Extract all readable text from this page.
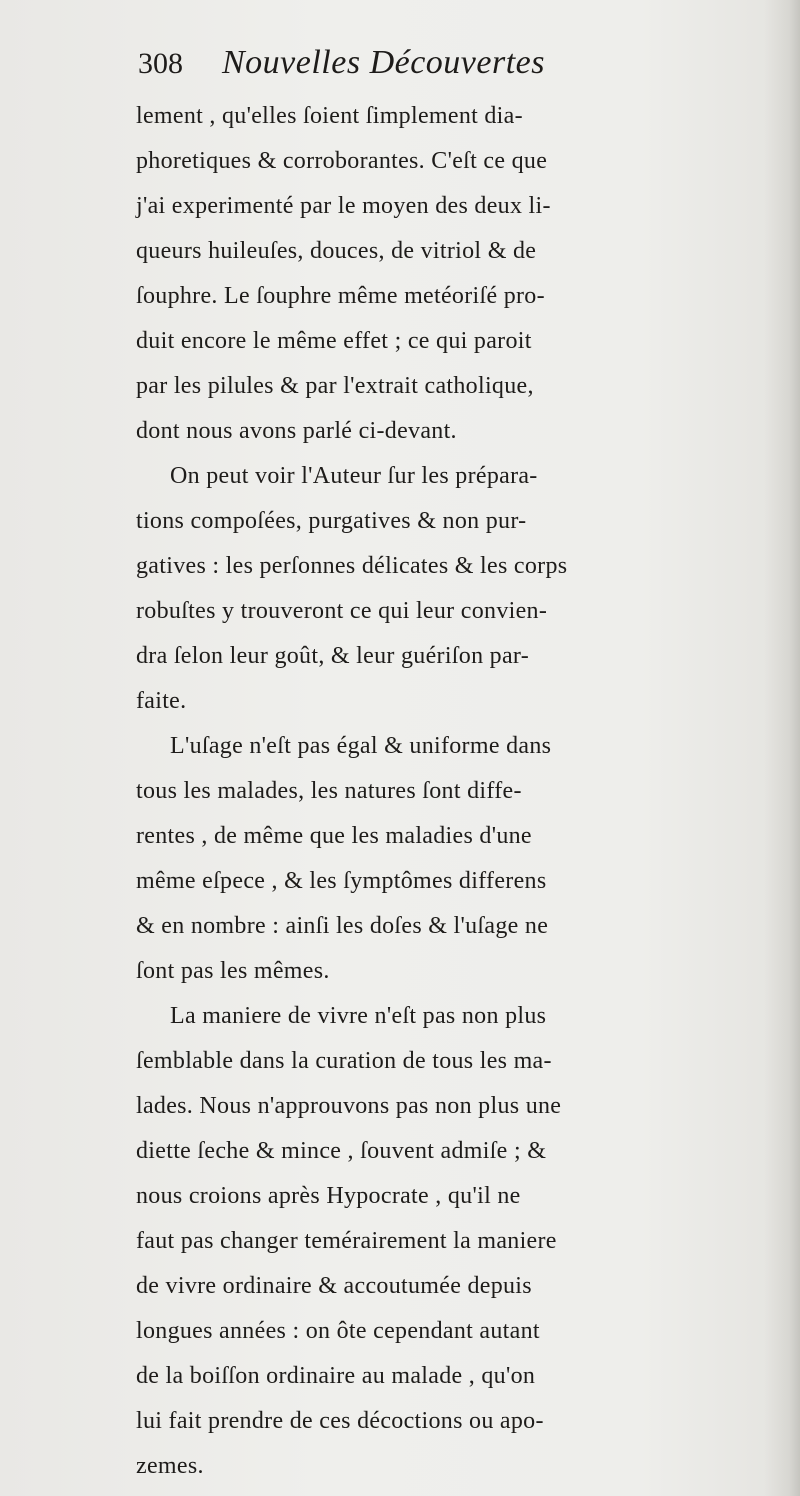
308	Nouvelles Découvertes
lement , qu'elles ſoient ſimplement dia-
phoretiques & corroborantes. C'eſt ce que
j'ai experimenté par le moyen des deux li-
queurs huileuſes, douces, de vitriol & de
ſouphre. Le ſouphre même metéoriſé pro-
duit encore le même effet ; ce qui paroit
par les pilules & par l'extrait catholique,
dont nous avons parlé ci-devant.
On peut voir l'Auteur ſur les prépara-
tions compoſées, purgatives & non pur-
gatives : les perſonnes délicates & les corps
robuſtes y trouveront ce qui leur convien-
dra ſelon leur goût, & leur guériſon par-
faite.
L'uſage n'eſt pas égal & uniforme dans
tous les malades, les natures ſont diffe-
rentes , de même que les maladies d'une
même eſpece , & les ſymptômes differens
& en nombre : ainſi les doſes & l'uſage ne
ſont pas les mêmes.
La maniere de vivre n'eſt pas non plus
ſemblable dans la curation de tous les ma-
lades. Nous n'approuvons pas non plus une
diette ſeche & mince , ſouvent admiſe ; &
nous croions après Hypocrate , qu'il ne
faut pas changer temérairement la maniere
de vivre ordinaire & accoutumée depuis
longues années : on ôte cependant autant
de la boiſſon ordinaire au malade , qu'on
lui fait prendre de ces décoctions ou apo-
zemes.
